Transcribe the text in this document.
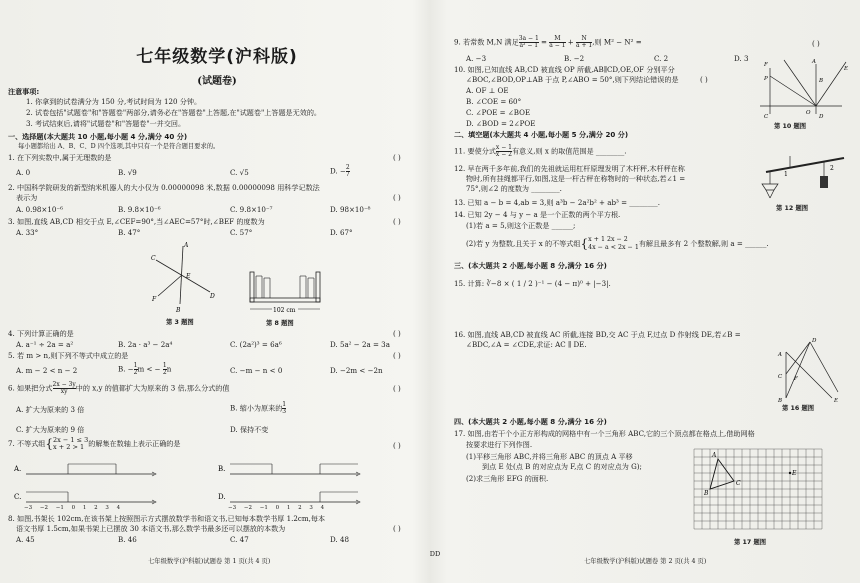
七年级数学(沪科版)
(试题卷)
注意事项:
1. 你拿到的试卷满分为 150 分,考试时间为 120 分钟。
2. 试卷包括"试题卷"和"答题卷"两部分,请务必在"答题卷"上答题,在"试题卷"上答题是无效的。
3. 考试结束后,请将"试题卷"和"答题卷"一并交回。
一、选择题(本大题共 10 小题,每小题 4 分,满分 40 分)
每小题都给出 A、B、C、D 四个选项,其中只有一个是符合题目要求的。
1. 在下列实数中,属于无理数的是	( )
A. 0	B. √9	C. √5	D. − $\frac{2}{7}$
2. 中国科学院研发的新型纳米机器人的大小仅为 0.00000098 米,数据 0.00000098 用科学记数法
表示为	( )
A. 0.98×10⁻⁶	B. 9.8×10⁻⁶	C. 9.8×10⁻⁷	D. 98×10⁻⁸
3. 如图,直线 AB,CD 相交于点 E,∠CEF=90°,当∠AEC=57°时,∠BEF 的度数为	( )
A. 33°	B. 47°	C. 57°	D. 67°
A
C
E
F	D
B
第 3 题图
102 cm
第 8 题图
4. 下列计算正确的是	( )
A. a⁻¹ ÷ 2a = a²	B. 2a · a³ − 2a⁴	C. (2a²)³ = 6a⁶	D. 5a² − 2a = 3a
5. 若 m > n,则下列不等式中成立的是	( )
A. m − 2 < n − 2	B. − $\frac{1}{2}$ m < − $\frac{1}{2}$ n	C. −m − n < 0	D. −2m < −2n
6. 如果把分式 $\frac{2x - 3y}{xy}$ 中的 x,y 的值都扩大为原来的 3 倍,那么分式的值	( )
A. 扩大为原来的 3 倍	B. 缩小为原来的 $\frac{1}{3}$
C. 扩大为原来的 9 倍	D. 保持不变
7. 不等式组{ 2x − 1 ≤ 3
x + 2 > 1 的解集在数轴上表示正确的是	( )
A.	B.
C.	D.
−3 −2 −1 0 1 2 3 4	−3 −2 −1 0 1 2 3 4
8. 如图,书架长 102cm,在该书架上按照图示方式摆放数学书和语文书,已知每本数学书厚 1.2cm,每本
语文书厚 1.5cm,如果书架上已摆放 30 本语文书,那么数学书最多还可以摆放的本数为	( )
A. 45	B. 46	C. 47	D. 48
七年级数学(沪科版)试题卷 第 1 页(共 4 页)
DD
9. 若常数 M,N 满足 $\frac{3a - 1}{\text{a² − 1}} = \frac{M}{a - 1} + \frac{N}{a + 1}$ ,则 M² − N² =	( )
A. −3	B. −2	C. 2	D. 3
10. 如图,已知直线 AB,CD 被直线 OP 所截,AB∥CD,OE,OF 分别平分
∠BOC,∠BOD,OP⊥AB 于点 P,∠ABO = 50°,则下列结论错误的是	( )
A. OF ⊥ OE
B. ∠COE = 60°
C. ∠POE = ∠BOE
D. ∠BOD = 2∠POE
F	A
P	B
E
O
C	D
第 10 题图
二、填空题(本大题共 4 小题,每小题 5 分,满分 20 分)
11. 要使分式 $\frac{x - 1}{x - 2}$ 有意义,则 x 的取值范围是 ________.
12. 早在两千多年前,我们的先祖就运用杠杆原理发明了木杆秤,木杆秤在称
物时,所有挂绳都平行,如图,这是一杆古秤在称物时的一种状态,若∠1 =
75°,则∠2 的度数为 ________.
1
2
第 12 题图
13. 已知 a − b = 4,ab = 3,则 a³b − 2a²b² + ab³ = ________.
14. 已知 2y − 4 与 y − a 是一个正数的两个平方根.
(1)若 a = 5,则这个正数是 ______;
(2)若 y 为整数,且关于 x 的不等式组{ x + 1 2x − 2
4x − a < 2x − 1 有解且最多有 2 个整数解,则 a = ______.
三、(本大题共 2 小题,每小题 8 分,满分 16 分)
15. 计算: ∛−8 × ( 1 / 2 )⁻¹ − (4 − π)⁰ + |−3|.
16. 如图,直线 AB,CD 被直线 AC 所截,连接 BD,交 AC 于点 F,过点 D 作射线 DE,若∠B =
∠BDC,∠A = ∠CDE,求证: AC ∥ DE.
A
C F
D
B	E
第 16 题图
四、(本大题共 2 小题,每小题 8 分,满分 16 分)
17. 如图,由若干个小正方形构成的网格中有一个三角形 ABC,它的三个顶点都在格点上,借助网格
按要求进行下列作图.
(1)平移三角形 ABC,并将三角形 ABC 的顶点 A 平移
到点 E 处(点 B 的对应点为 F,点 C 的对应点为 G);
(2)求三角形 EFG 的面积.
A
E
B
C
第 17 题图
七年级数学(沪科版)试题卷 第 2 页(共 4 页)
